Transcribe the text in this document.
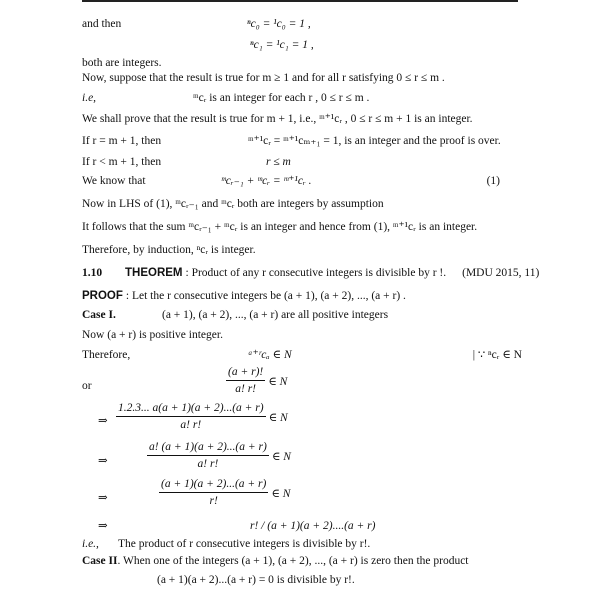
and then	ⁿc₀ = ¹c₀ = 1 ,
ⁿc₁ = ¹c₁ = 1 ,
both are integers.
Now, suppose that the result is true for m ≥ 1 and for all r satisfying 0 ≤ r ≤ m .
i.e,	ᵐcᵣ is an integer for each r , 0 ≤ r ≤ m .
We shall prove that the result is true for m + 1, i.e., ᵐ⁺¹cᵣ , 0 ≤ r ≤ m + 1 is an integer.
If r = m + 1, then	ᵐ⁺¹cᵣ = ᵐ⁺¹cₘ₊₁ = 1, is an integer and the proof is over.
If r < m + 1, then	r ≤ m
We know that	ᵐcᵣ₋₁ + ᵐcᵣ = ᵐ⁺¹cᵣ .	(1)
Now in LHS of (1), ᵐcᵣ₋₁ and ᵐcᵣ both are integers by assumption
It follows that the sum ᵐcᵣ₋₁ + ᵐcᵣ is an integer and hence from (1), ᵐ⁺¹cᵣ is an integer.
Therefore, by induction, ⁿcᵣ is integer.
1.10	THEOREM : Product of any r consecutive integers is divisible by r !. (MDU 2015, 11)
PROOF : Let the r consecutive integers be (a + 1), (a + 2), ..., (a + r) .
Case I.	(a + 1), (a + 2), ..., (a + r) are all positive integers
Now (a + r) is positive integer.
Therefore,	ᵃ⁺ʳcₐ ∈ N	| ∵ ⁿcᵣ ∈ N
or	$\frac{(a + r)!}{a! r!}$ ∈ N
⇒ $\frac{1.2.3... a(a + 1)(a + 2)...(a + r)}{a! r!}$ ∈ N
⇒	$\frac{a! (a + 1)(a + 2)...(a + r)}{a! r!}$ ∈ N
⇒	$\frac{(a + 1)(a + 2)...(a + r)}{r!}$ ∈ N
⇒	r! / (a + 1)(a + 2)....(a + r)
i.e.,	The product of r consecutive integers is divisible by r!.
Case II . When one of the integers (a + 1), (a + 2), ..., (a + r) is zero then the product
(a + 1)(a + 2)...(a + r) = 0 is divisible by r!.
